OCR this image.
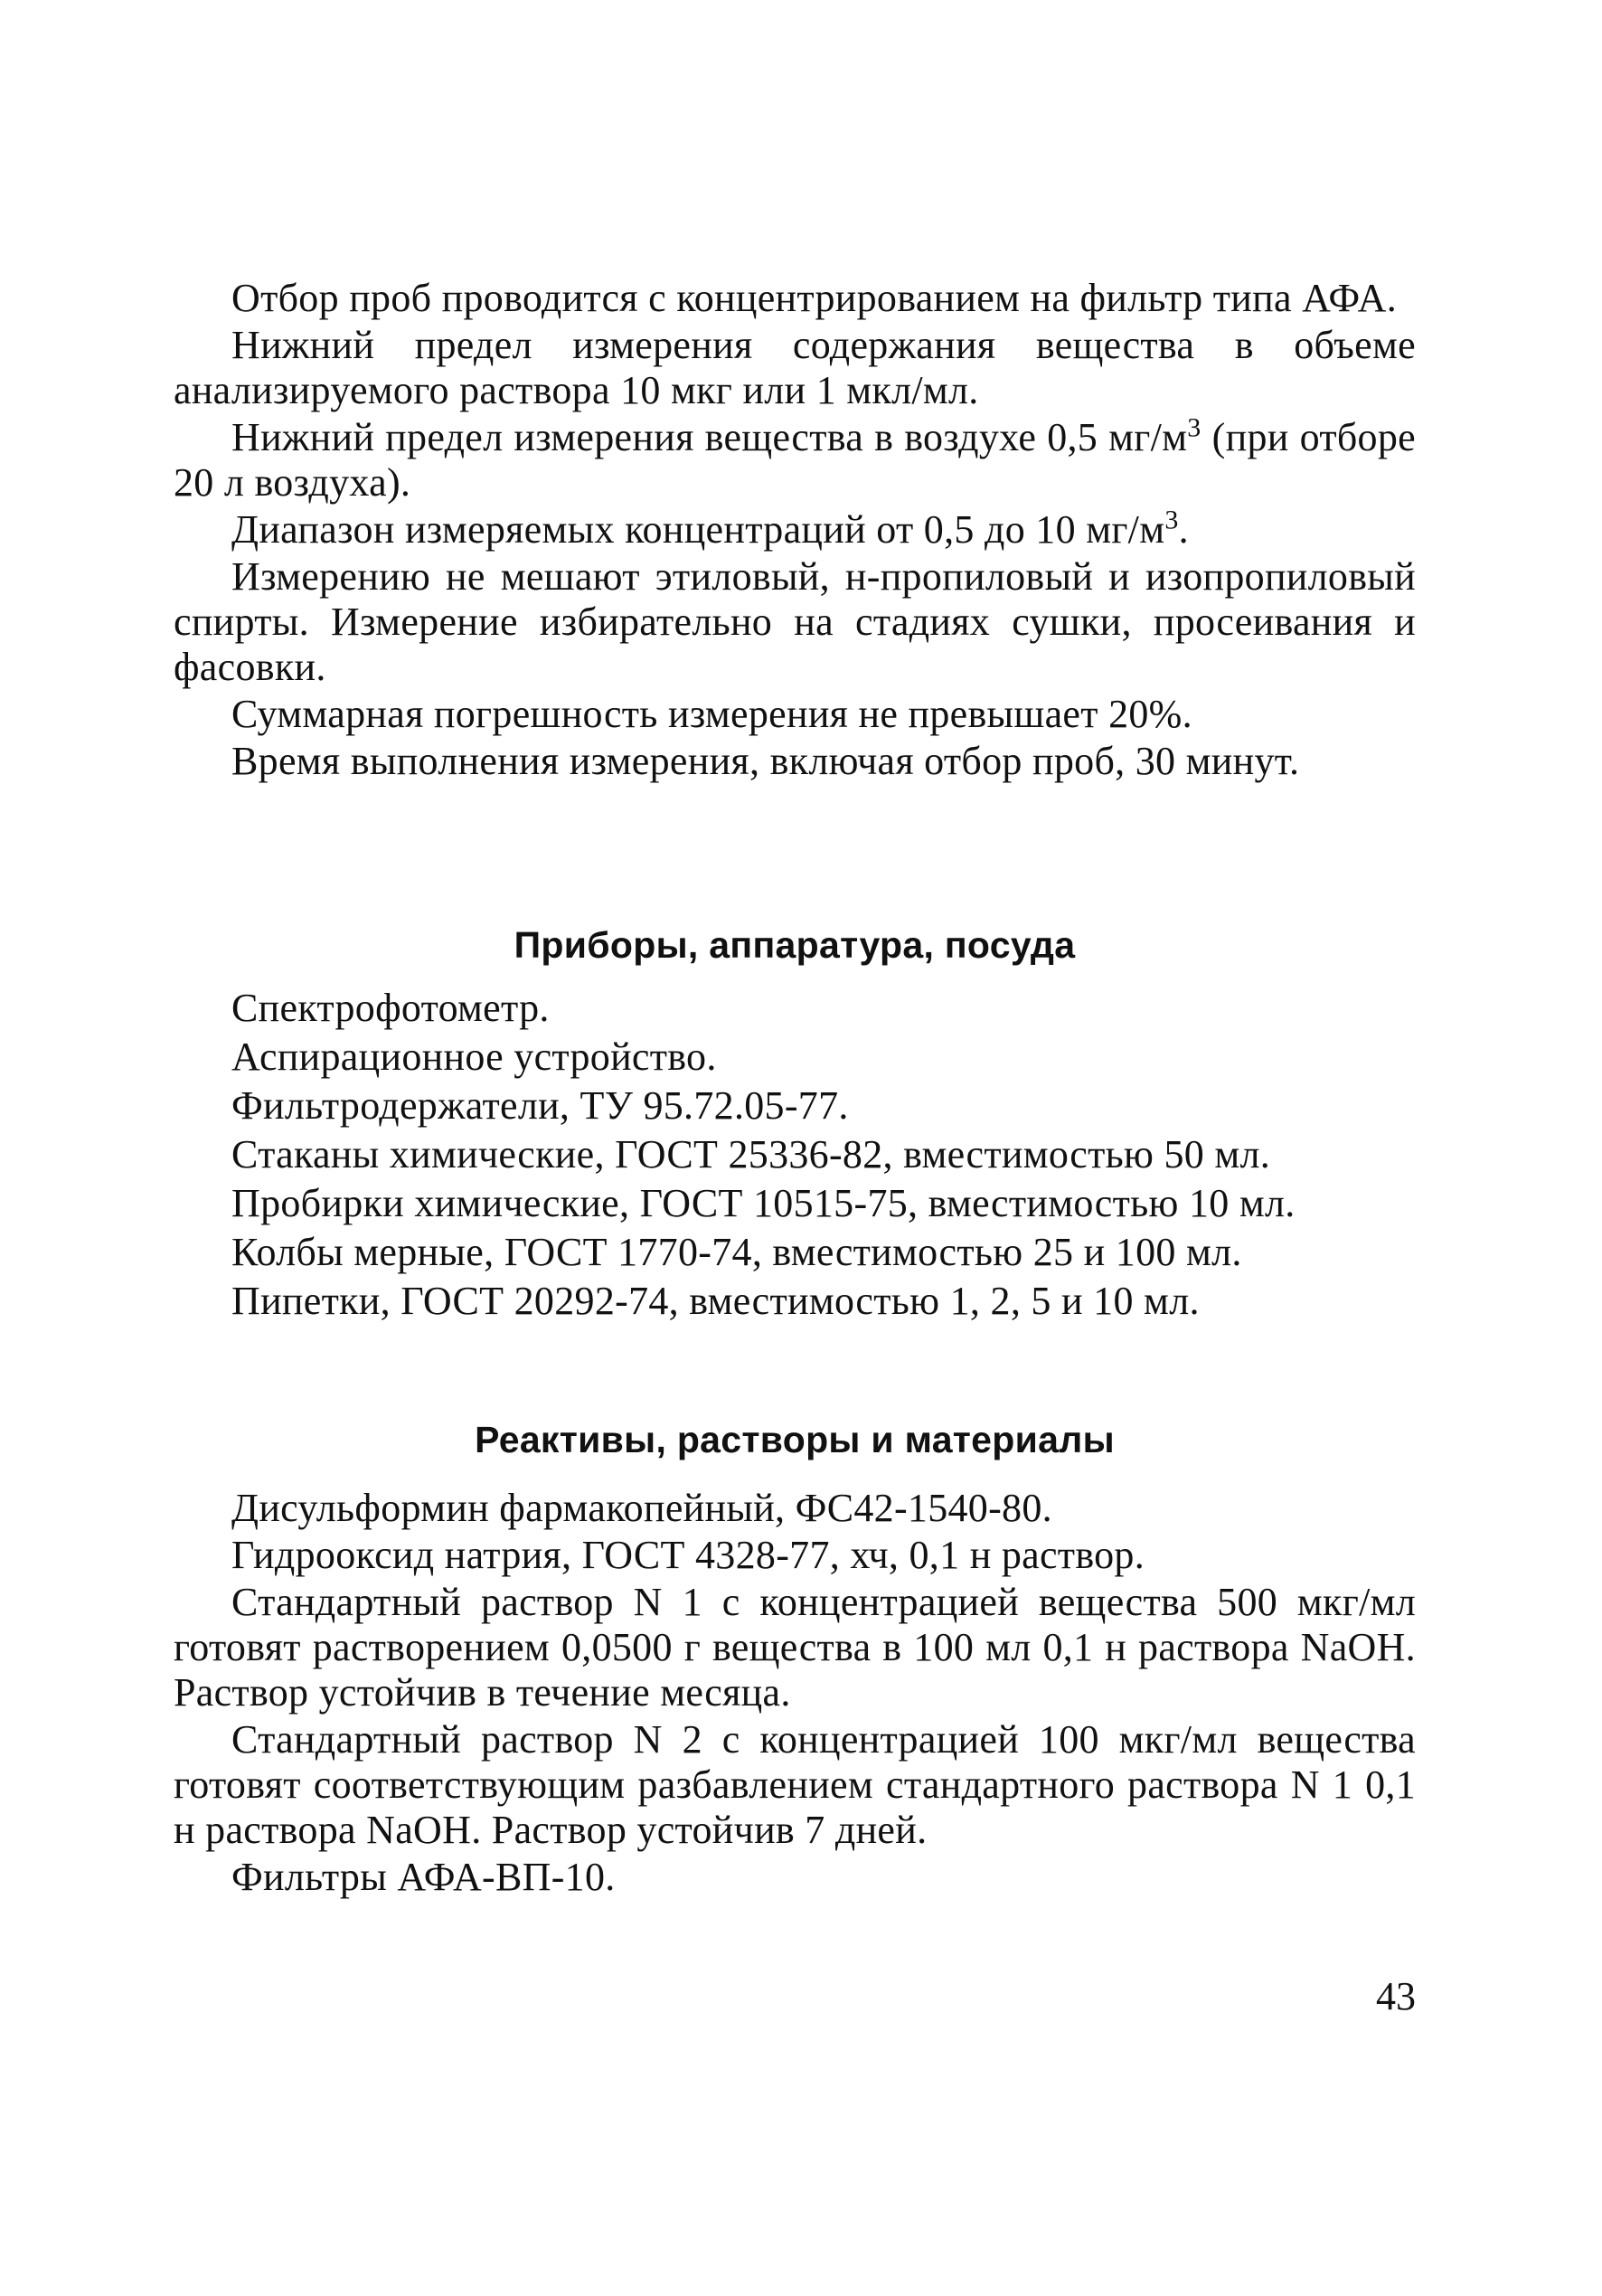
Отбор проб проводится с концентрированием на фильтр типа АФА.

Нижний предел измерения содержания вещества в объеме анализируемого раствора 10 мкг или 1 мкл/мл.

Нижний предел измерения вещества в воздухе 0,5 $мг/м^3$ (при отборе 20 л воздуха).

Диапазон измеряемых концентраций от 0,5 до 10 $мг/м^3$.

Измерению не мешают этиловый, н-пропиловый и изопропиловый спирты. Измерение избирательно на стадиях сушки, просеивания и фасовки.

Суммарная погрешность измерения не превышает 20%.

Время выполнения измерения, включая отбор проб, 30 минут.

Приборы, аппаратура, посуда
Спектрофотометр.
Аспирационное устройство.
Фильтродержатели, ТУ 95.72.05-77.
Стаканы химические, ГОСТ 25336-82, вместимостью 50 мл.
Пробирки химические, ГОСТ 10515-75, вместимостью 10 мл.
Колбы мерные, ГОСТ 1770-74, вместимостью 25 и 100 мл.
Пипетки, ГОСТ 20292-74, вместимостью 1, 2, 5 и 10 мл.
Реактивы, растворы и материалы

Дисульформин фармакопейный, ФС42-1540-80.

Гидрооксид натрия, ГОСТ 4328-77, хч, 0,1 н раствор.

Стандартный раствор N 1 с концентрацией вещества 500 мкг/мл готовят растворением 0,0500 г вещества в 100 мл 0,1 н раствора NaOH. Раствор устойчив в течение месяца.

Стандартный раствор N 2 с концентрацией 100 мкг/мл вещества готовят соответствующим разбавлением стандартного раствора N 1 0,1 н раствора NaOH. Раствор устойчив 7 дней.

Фильтры АФА-ВП-10.

43
